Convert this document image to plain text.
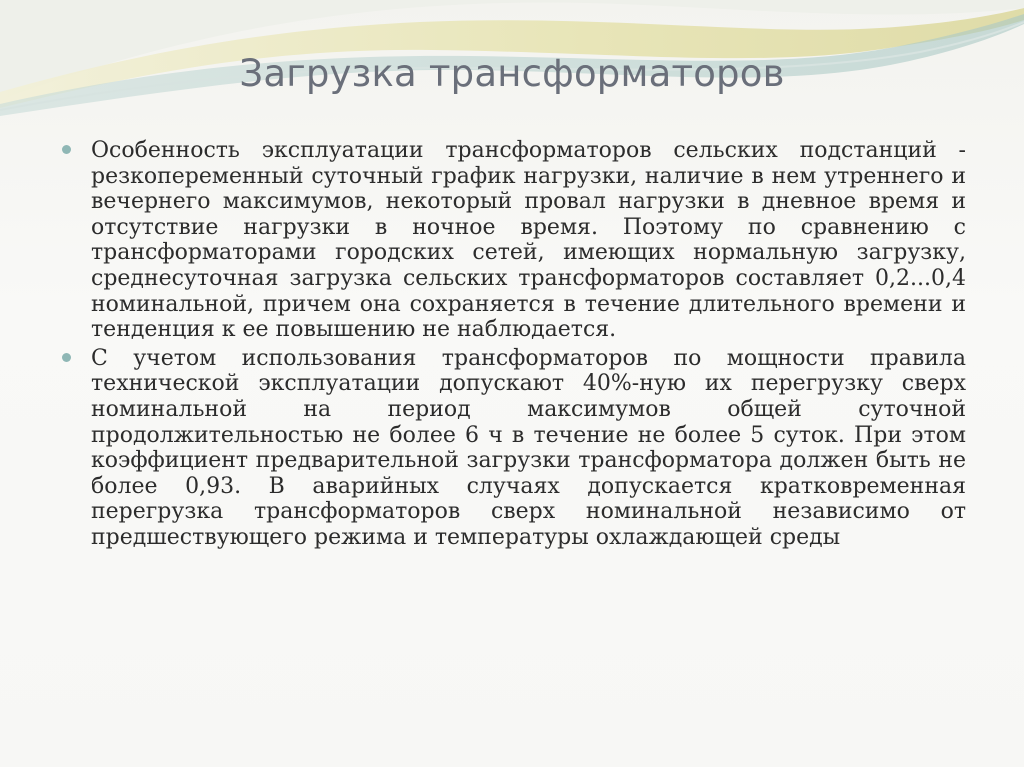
Загрузка трансформаторов
Особенность эксплуатации трансформаторов сельских подстанций - резкопеременный суточный график нагрузки, наличие в нем утреннего и вечернего максимумов, некоторый провал нагрузки в дневное время и отсутствие нагрузки в ночное время. Поэтому по сравнению с трансформаторами городских сетей, имеющих нормальную загрузку, среднесуточная загрузка сельских трансформаторов составляет 0,2...0,4 номинальной, причем она сохраняется в течение длительного времени и тенденция к ее повышению не наблюдается.
С учетом использования трансформаторов по мощности правила технической эксплуатации допускают 40%-ную их перегрузку сверх номинальной на период максимумов общей суточной продолжительностью не более 6 ч в течение не более 5 суток. При этом коэффициент предварительной загрузки трансформатора должен быть не более 0,93. В аварийных случаях допускается кратковременная перегрузка трансформаторов сверх номинальной независимо от предшествующего режима и температуры охлаждающей среды
